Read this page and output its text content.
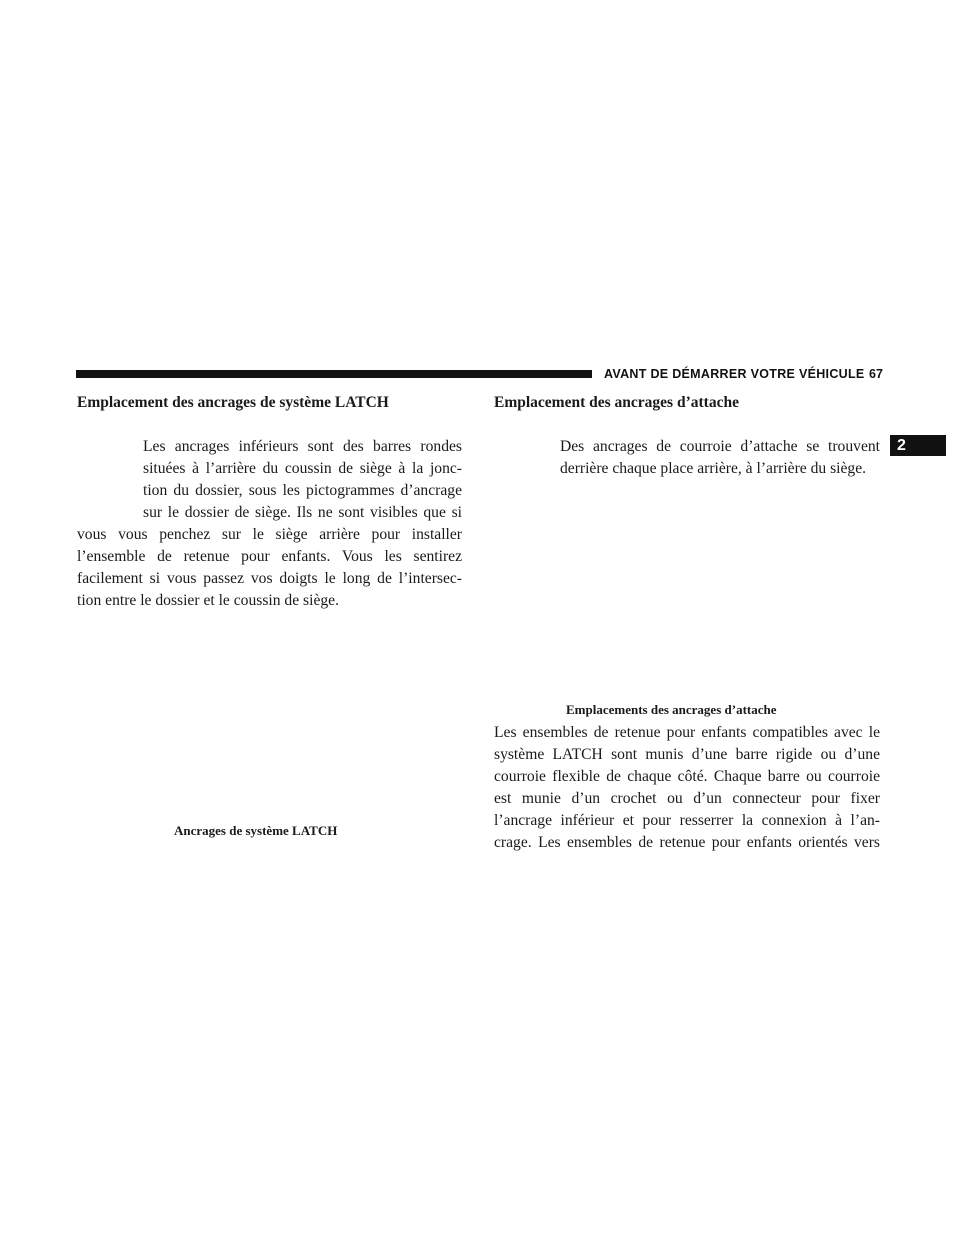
AVANT DE DÉMARRER VOTRE VÉHICULE 67
2
Emplacement des ancrages de système LATCH
Les ancrages inférieurs sont des barres rondes
situées à l’arrière du coussin de siège à la jonc-
tion du dossier, sous les pictogrammes d’ancrage
sur le dossier de siège. Ils ne sont visibles que si
vous vous penchez sur le siège arrière pour installer
l’ensemble de retenue pour enfants. Vous les sentirez
facilement si vous passez vos doigts le long de l’intersec-
tion entre le dossier et le coussin de siège.
Ancrages de système LATCH
Emplacement des ancrages d’attache
Des ancrages de courroie d’attache se trouvent
derrière chaque place arrière, à l’arrière du siège.
Emplacements des ancrages d’attache
Les ensembles de retenue pour enfants compatibles avec le
système LATCH sont munis d’une barre rigide ou d’une
courroie flexible de chaque côté. Chaque barre ou courroie
est munie d’un crochet ou d’un connecteur pour fixer
l’ancrage inférieur et pour resserrer la connexion à l’an-
crage. Les ensembles de retenue pour enfants orientés vers
